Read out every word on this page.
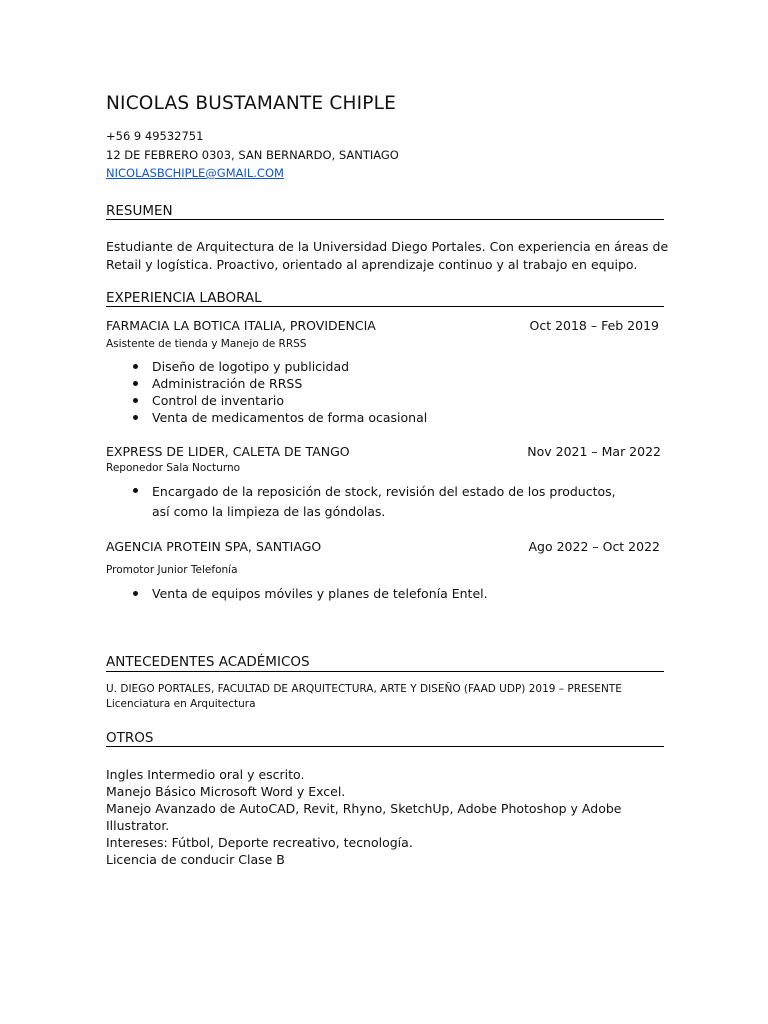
NICOLAS BUSTAMANTE CHIPLE
+56 9 49532751
12 DE FEBRERO 0303, SAN BERNARDO, SANTIAGO
NICOLASBCHIPLE@GMAIL.COM
RESUMEN
Estudiante de Arquitectura de la Universidad Diego Portales. Con experiencia en áreas de
Retail y logística. Proactivo, orientado al aprendizaje continuo y al trabajo en equipo.
EXPERIENCIA LABORAL
FARMACIA LA BOTICA ITALIA, PROVIDENCIA	Oct 2018 – Feb 2019
Asistente de tienda y Manejo de RRSS
Diseño de logotipo y publicidad
Administración de RRSS
Control de inventario
Venta de medicamentos de forma ocasional
EXPRESS DE LIDER, CALETA DE TANGO	Nov 2021 – Mar 2022
Reponedor Sala Nocturno
Encargado de la reposición de stock, revisión del estado de los productos, así como la limpieza de las góndolas.
AGENCIA PROTEIN SPA, SANTIAGO	Ago 2022 – Oct 2022
Promotor Junior Telefonía
Venta de equipos móviles y planes de telefonía Entel.
ANTECEDENTES ACADÉMICOS
U. DIEGO PORTALES, FACULTAD DE ARQUITECTURA, ARTE Y DISEÑO (FAAD UDP) 2019 – PRESENTE
Licenciatura en Arquitectura
OTROS
Ingles Intermedio oral y escrito.
Manejo Básico Microsoft Word y Excel.
Manejo Avanzado de AutoCAD, Revit, Rhyno, SketchUp, Adobe Photoshop y Adobe
Illustrator.
Intereses: Fútbol, Deporte recreativo, tecnología.
Licencia de conducir Clase B
